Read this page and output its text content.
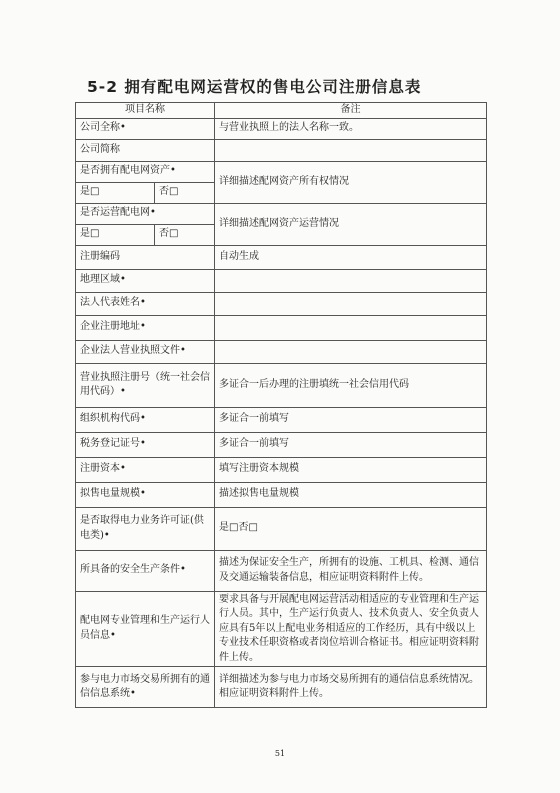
5-2 拥有配电网运营权的售电公司注册信息表
项目名称		备注
公司全称•		与营业执照上的法人名称一致。
公司简称		
是否拥有配电网资产•		详细描述配网资产所有权情况
是□	否□	
是否运营配电网•		详细描述配网资产运营情况
是□	否□	
注册编码		自动生成
地理区域•		
法人代表姓名•		
企业注册地址•		
企业法人营业执照文件•		
营业执照注册号（统一社会信用代码）•		多证合一后办理的注册填统一社会信用代码
组织机构代码•		多证合一前填写
税务登记证号•		多证合一前填写
注册资本•		填写注册资本规模
拟售电量规模•		描述拟售电量规模
是否取得电力业务许可证(供电类)•		是□否□
所具备的安全生产条件•		描述为保证安全生产，所拥有的设施、工机具、检测、通信及交通运输装备信息，相应证明资料附件上传。
配电网专业管理和生产运行人员信息•		要求具备与开展配电网运营活动相适应的专业管理和生产运行人员。其中，生产运行负责人、技术负责人、安全负责人应具有5年以上配电业务相适应的工作经历，具有中级以上专业技术任职资格或者岗位培训合格证书。相应证明资料附件上传。
参与电力市场交易所拥有的通信信息系统•		详细描述为参与电力市场交易所拥有的通信信息系统情况。相应证明资料附件上传。
51
